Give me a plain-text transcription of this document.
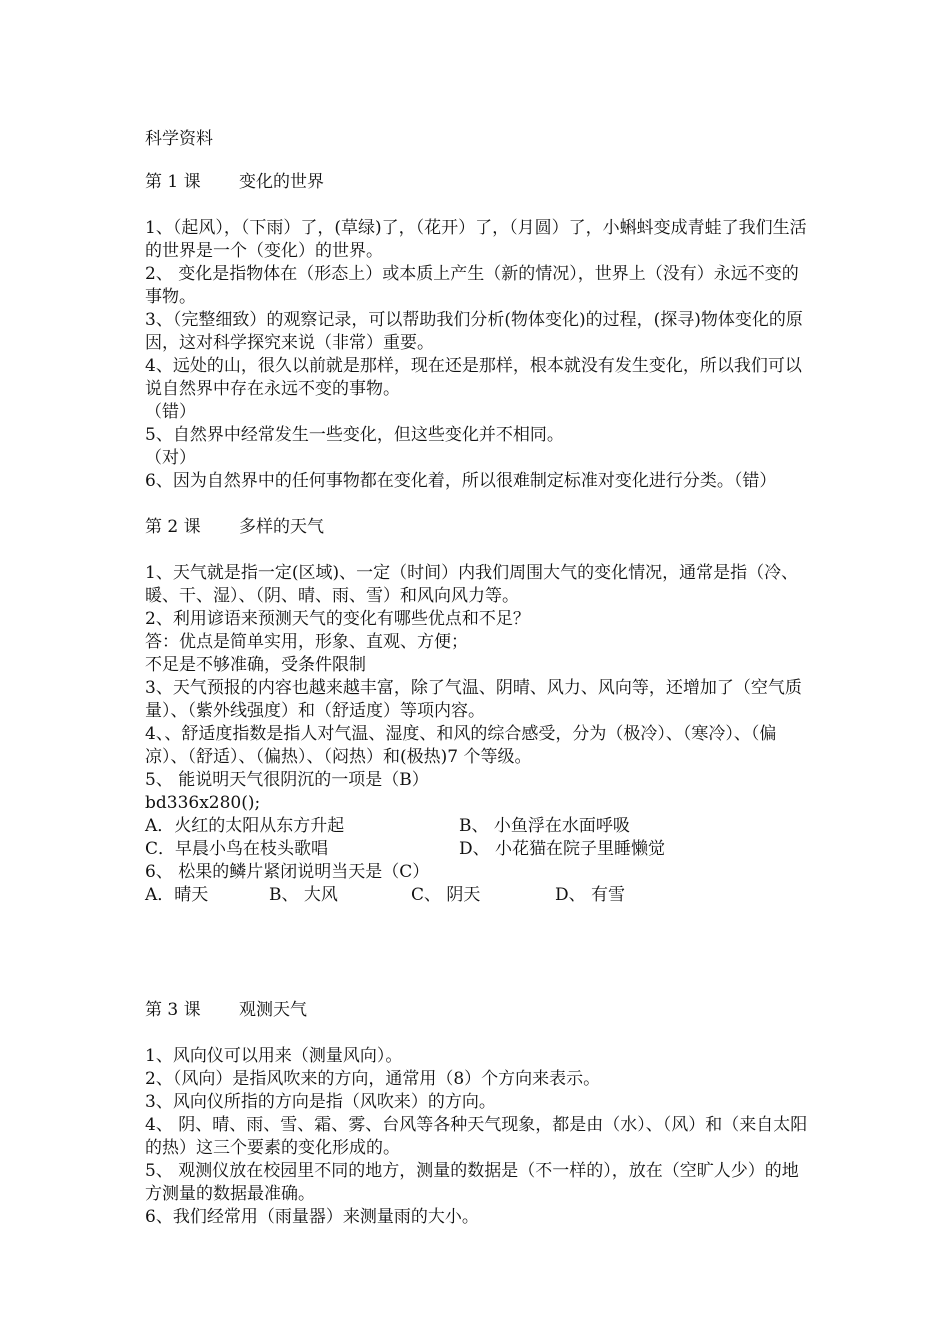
科学资料

第 1 课 变化的世界

1、（起风），（下雨）了，(草绿)了，（花开）了，（月圆）了，小蝌蚪变成青蛙了我们生活的世界是一个（变化）的世界。

2、 变化是指物体在（形态上）或本质上产生（新的情况），世界上（没有）永远不变的事物。

3、（完整细致）的观察记录，可以帮助我们分析(物体变化)的过程，(探寻)物体变化的原因，这对科学探究来说（非常）重要。

4、远处的山，很久以前就是那样，现在还是那样，根本就没有发生变化，所以我们可以说自然界中存在永远不变的事物。

（错）

5、自然界中经常发生一些变化，但这些变化并不相同。

（对）

6、因为自然界中的任何事物都在变化着，所以很难制定标准对变化进行分类。（错）

第 2 课 多样的天气

1、天气就是指一定(区域)、一定（时间）内我们周围大气的变化情况，通常是指（冷、暖、干、湿）、（阴、晴、雨、雪）和风向风力等。

2、利用谚语来预测天气的变化有哪些优点和不足？

答：优点是简单实用，形象、直观、方便；

不足是不够准确，受条件限制

3、天气预报的内容也越来越丰富，除了气温、阴晴、风力、风向等，还增加了（空气质量）、（紫外线强度）和（舒适度）等项内容。

4、、舒适度指数是指人对气温、湿度、和风的综合感受，分为（极冷）、（寒冷）、（偏凉）、（舒适）、（偏热）、（闷热）和(极热)7 个等级。

5、 能说明天气很阴沉的一项是（B）

bd336x280();

A．火红的太阳从东方升起	B、 小鱼浮在水面呼吸
C．早晨小鸟在枝头歌唱	D、 小花猫在院子里睡懒觉

6、 松果的鳞片紧闭说明当天是（C）

A．晴天	B、 大风	C、 阴天	D、 有雪

第 3 课 观测天气

1、风向仪可以用来（测量风向）。

2、（风向）是指风吹来的方向，通常用（8）个方向来表示。

3、风向仪所指的方向是指（风吹来）的方向。

4、 阴、晴、雨、雪、霜、雾、台风等各种天气现象，都是由（水）、（风）和（来自太阳的热）这三个要素的变化形成的。

5、 观测仪放在校园里不同的地方，测量的数据是（不一样的），放在（空旷人少）的地方测量的数据最准确。

6、我们经常用（雨量器）来测量雨的大小。
